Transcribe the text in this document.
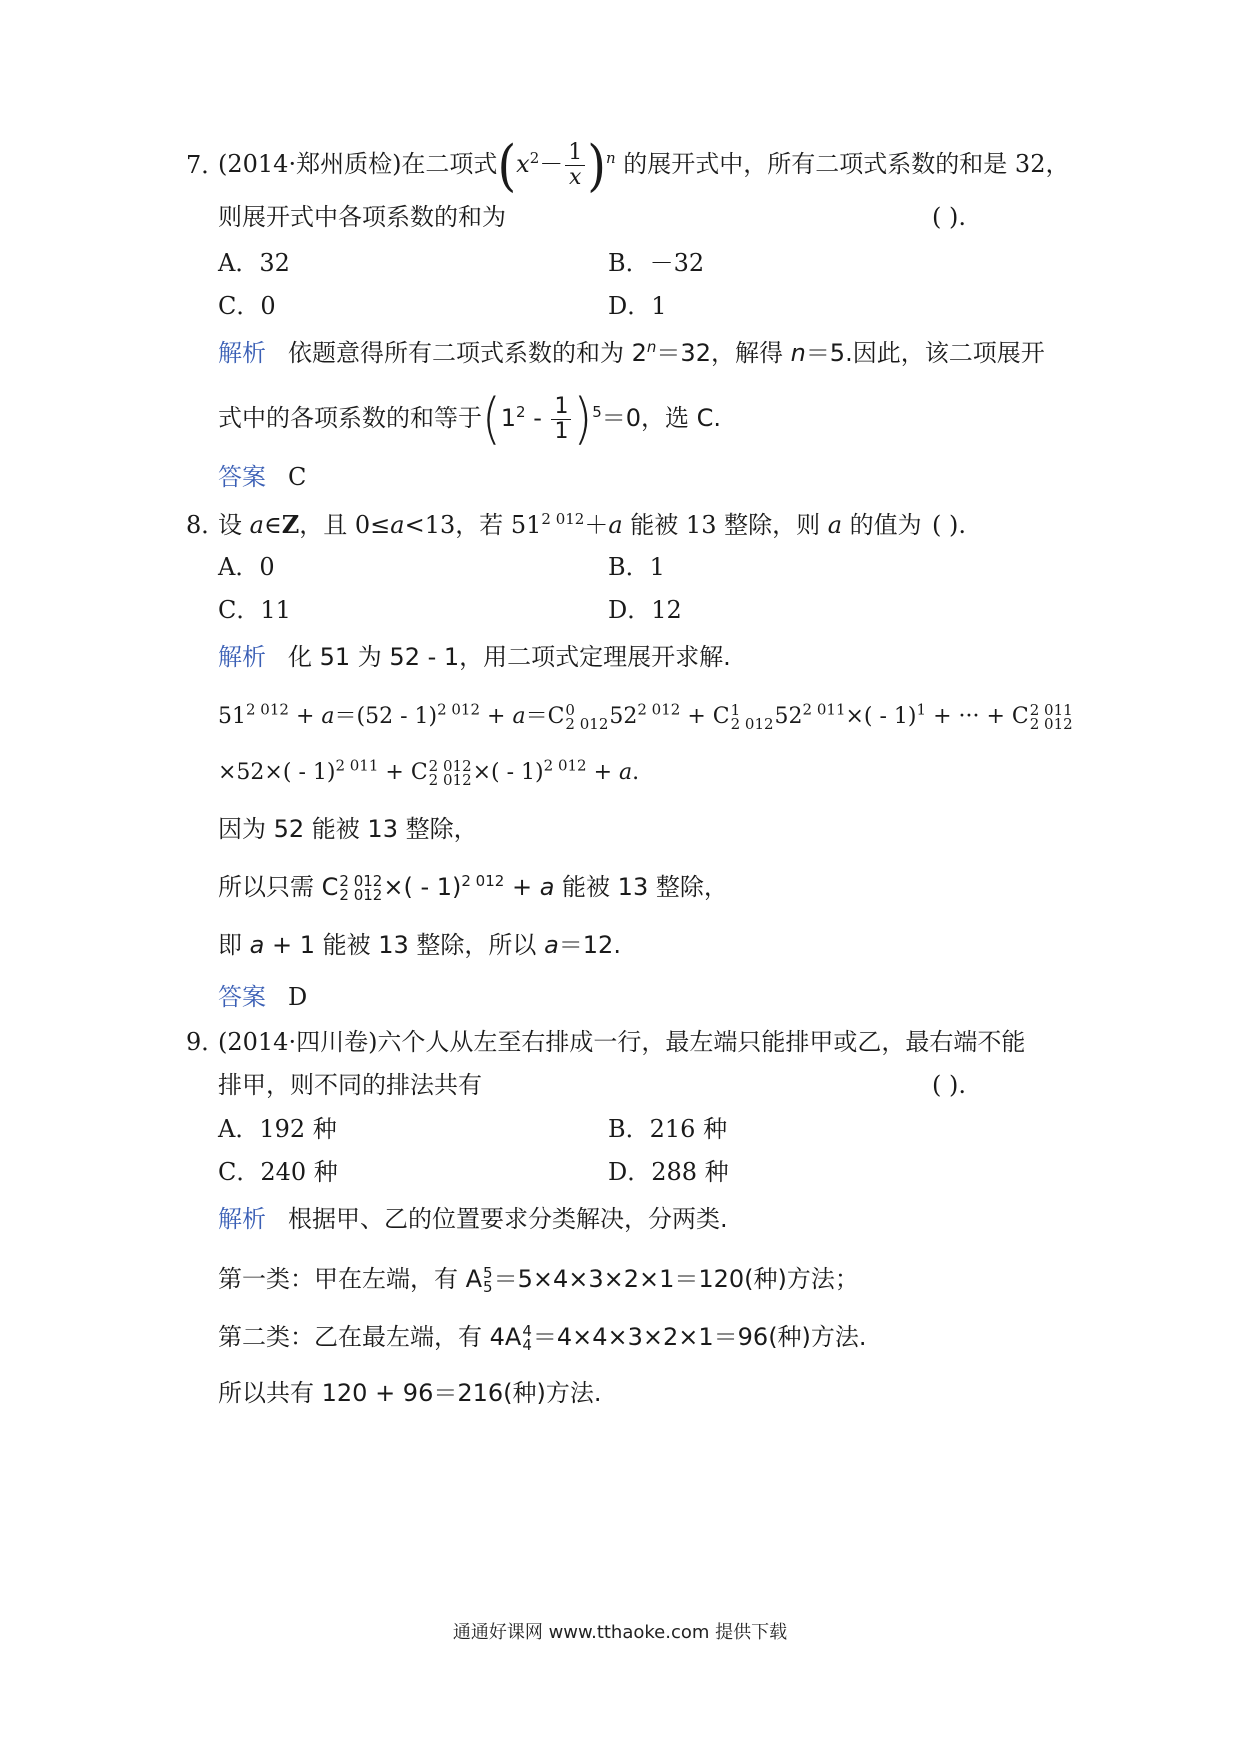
7．
(2014·郑州质检)在二项式$(x^2- \frac{1}{x} )^n$ 的展开式中，所有二项式系数的和是 32，
则展开式中各项系数的和为	( ).
A．32	B．－32
C．0	D．1
解析 依题意得所有二项式系数的和为 $2^n=32$，解得 n＝5.因此，该二项展开
式中的各项系数的和等于$(1^2 - \frac{1}{1} )^5=0$，选 C.
答案 C
8．
设 a∈Z，且 0≤a<13，若 $51^{2 012}+a$ 能被 13 整除，则 a 的值为 ( ).
A．0	B．1
C．11	D．12
解析 化 51 为 52 - 1，用二项式定理展开求解.
$51^{2 012} + a=(52 - 1)^{2 012} + a=C$ 0
2 012 $52^{2 012} + C$ 1
2 012 $52^{2 011}\times( - 1)^1$ + ··· + C 2 011
2 012
×52×( - 1)$^{2 011}$ + C 2 012
2 012 ×( - 1)$^{2 012}$ + a.
因为 52 能被 13 整除，
所以只需 C 2 012
2 012 ×( - 1)$^{2 012}$ + a 能被 13 整除，
即 a + 1 能被 13 整除，所以 a＝12.
答案 D
9．
(2014·四川卷)六个人从左至右排成一行，最左端只能排甲或乙，最右端不能
排甲，则不同的排法共有	( ).
A．192 种	B．216 种
C．240 种	D．288 种
解析 根据甲、乙的位置要求分类解决，分两类.
第一类：甲在左端，有 A 5
5 ＝5×4×3×2×1＝120(种)方法；
第二类：乙在最左端，有 4A 4
4 ＝4×4×3×2×1＝96(种)方法.
所以共有 120 + 96＝216(种)方法.
通通好课网 www.tthaoke.com 提供下载
